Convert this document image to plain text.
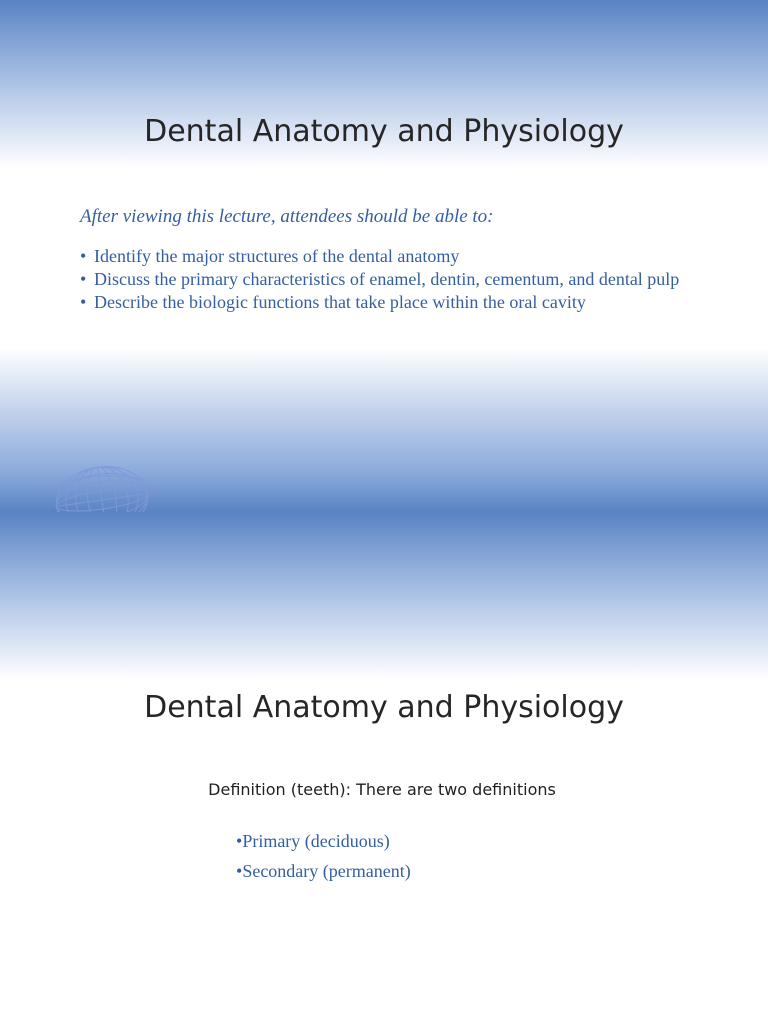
Dental Anatomy and Physiology
After viewing this lecture, attendees should be able to:
• Identify the major structures of the dental anatomy
• Discuss the primary characteristics of enamel, dentin, cementum, and dental pulp
• Describe the biologic functions that take place within the oral cavity
Dental Anatomy and Physiology
Definition (teeth): There are two definitions
•Primary (deciduous)
•Secondary (permanent)
